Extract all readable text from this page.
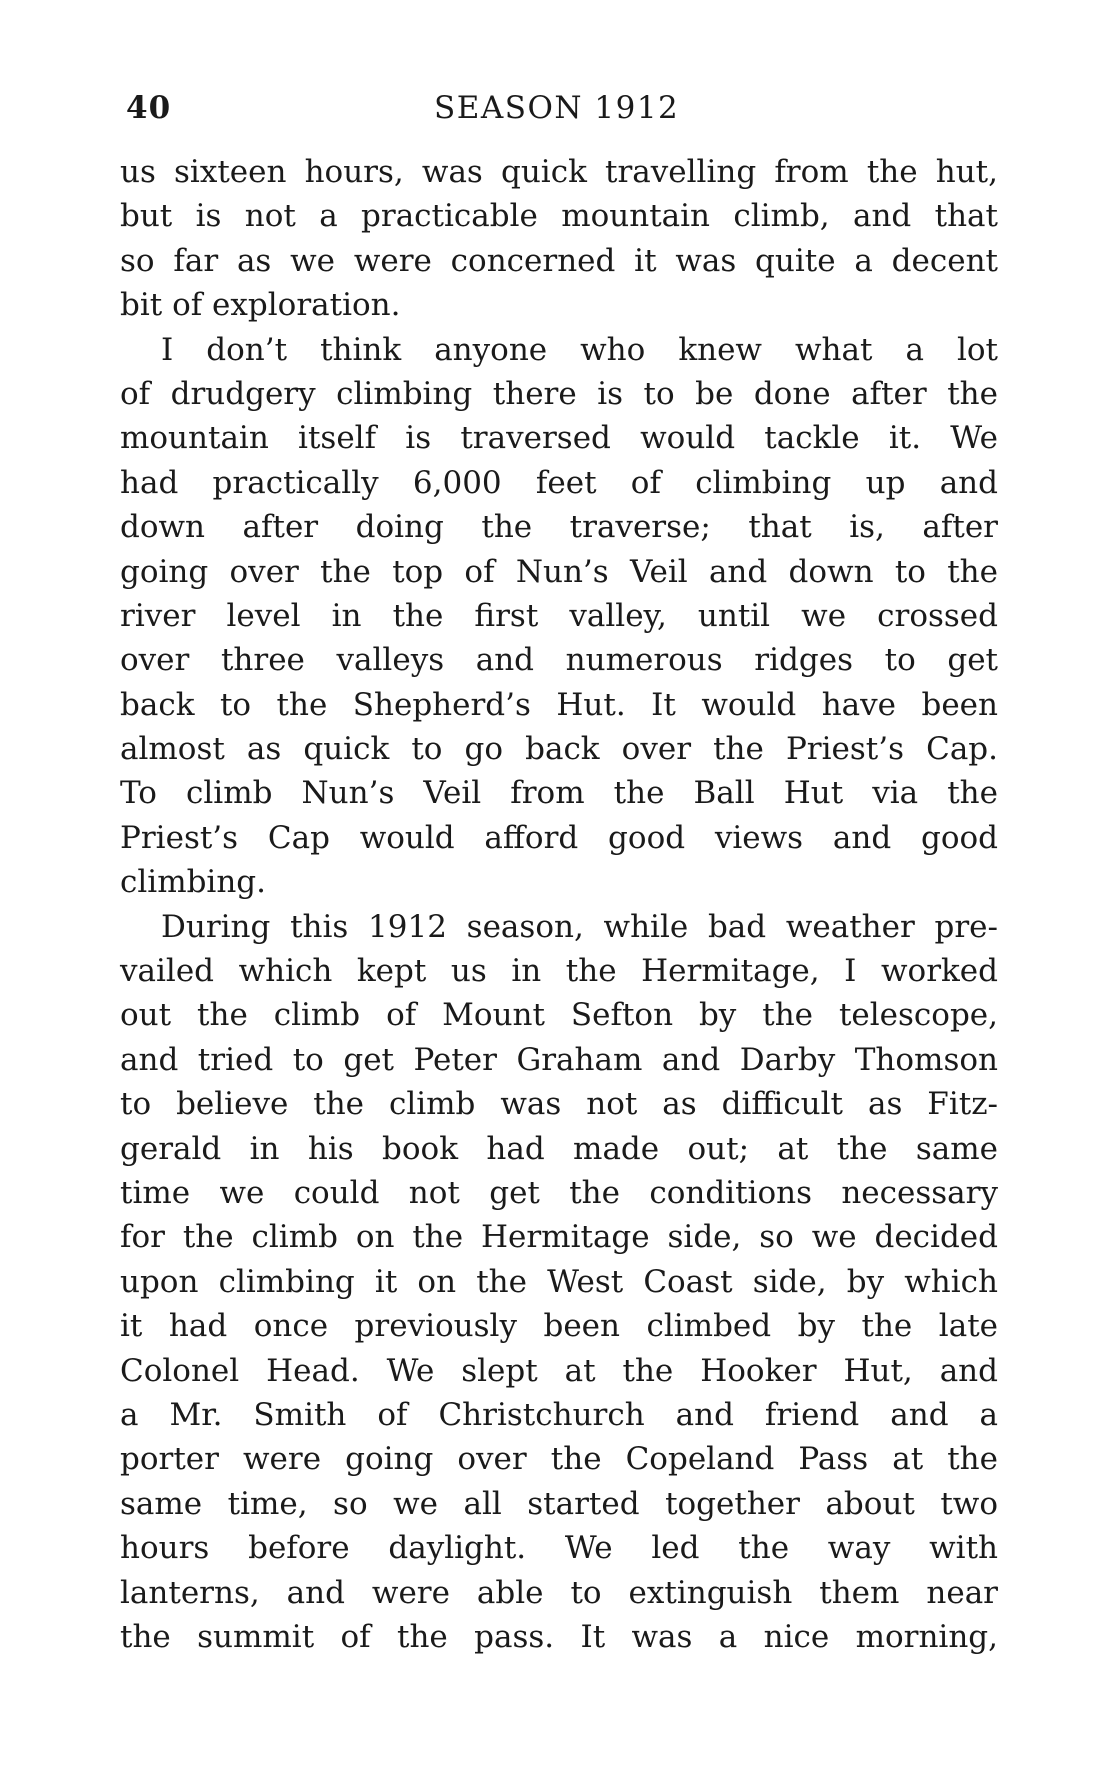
40	SEASON 1912
us sixteen hours, was quick travelling from the hut,
but is not a practicable mountain climb, and that
so far as we were concerned it was quite a decent
bit of exploration.
I don’t think anyone who knew what a lot
of drudgery climbing there is to be done after the
mountain itself is traversed would tackle it. We
had practically 6,000 feet of climbing up and
down after doing the traverse; that is, after
going over the top of Nun’s Veil and down to the
river level in the first valley, until we crossed
over three valleys and numerous ridges to get
back to the Shepherd’s Hut. It would have been
almost as quick to go back over the Priest’s Cap.
To climb Nun’s Veil from the Ball Hut via the
Priest’s Cap would afford good views and good
climbing.
During this 1912 season, while bad weather pre-
vailed which kept us in the Hermitage, I worked
out the climb of Mount Sefton by the telescope,
and tried to get Peter Graham and Darby Thomson
to believe the climb was not as difficult as Fitz-
gerald in his book had made out; at the same
time we could not get the conditions necessary
for the climb on the Hermitage side, so we decided
upon climbing it on the West Coast side, by which
it had once previously been climbed by the late
Colonel Head. We slept at the Hooker Hut, and
a Mr. Smith of Christchurch and friend and a
porter were going over the Copeland Pass at the
same time, so we all started together about two
hours before daylight. We led the way with
lanterns, and were able to extinguish them near
the summit of the pass. It was a nice morning,
